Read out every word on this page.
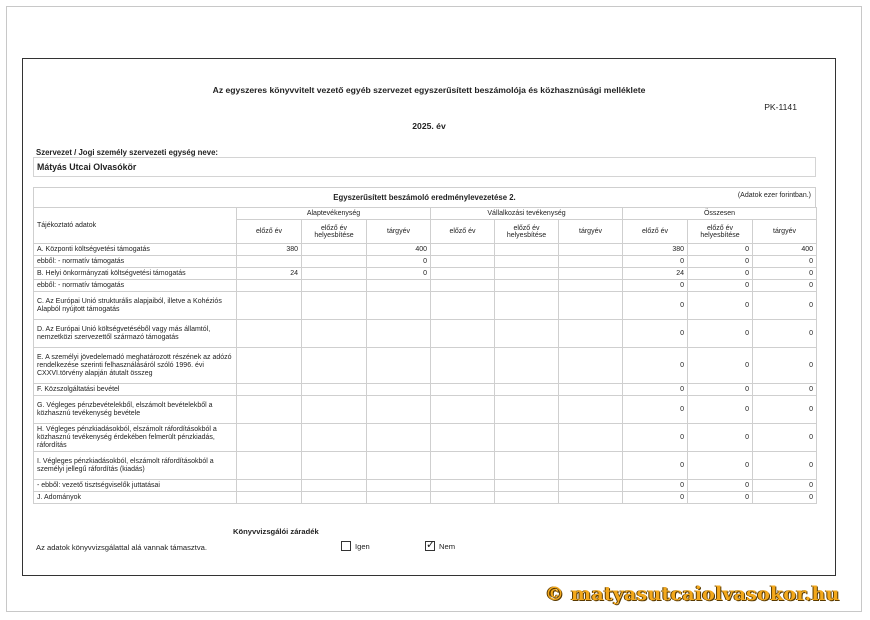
Az egyszeres könyvvitelt vezető egyéb szervezet egyszerűsített beszámolója és közhasznúsági melléklete
PK-1141
2025. év
Szervezet / Jogi személy szervezeti egység neve:
Mátyás Utcai Olvasókör
Egyszerűsített beszámoló eredménylevezetése 2.	(Adatok ezer forintban.)
Tájékoztató adatok	Alaptevékenység			Vállalkozási tevékenység			Összesen		
	előző év	előző év helyesbítése	tárgyév	előző év	előző év helyesbítése	tárgyév	előző év	előző év helyesbítése	tárgyév
A. Központi költségvetési támogatás	380		400				380	0	400
ebből: - normatív támogatás			0				0	0	0
B. Helyi önkormányzati költségvetési támogatás	24		0				24	0	0
ebből: - normatív támogatás							0	0	0
C. Az Európai Unió strukturális alapjaiból, illetve a Kohéziós Alapból nyújtott támogatás							0	0	0
D. Az Európai Unió költségvetéséből vagy más államtól, nemzetközi szervezettől származó támogatás							0	0	0
E. A személyi jövedelemadó meghatározott részének az adózó rendelkezése szerinti felhasználásáról szóló 1996. évi CXXVI.törvény alapján átutalt összeg							0	0	0
F. Közszolgáltatási bevétel							0	0	0
G. Végleges pénzbevételekből, elszámolt bevételekből a közhasznú tevékenység bevétele							0	0	0
H. Végleges pénzkiadásokból, elszámolt ráfordításokból a közhasznú tevékenység érdekében felmerült pénzkiadás, ráfordítás							0	0	0
I. Végleges pénzkiadásokból, elszámolt ráfordításokból a személyi jellegű ráfordítás (kiadás)							0	0	0
- ebből: vezető tisztségviselők juttatásai							0	0	0
J. Adományok							0	0	0
Könyvvizsgálói záradék
Az adatok könyvvizsgálattal alá vannak támasztva.	Igen	✓ Nem
© matyasutcaiolvasokor.hu
